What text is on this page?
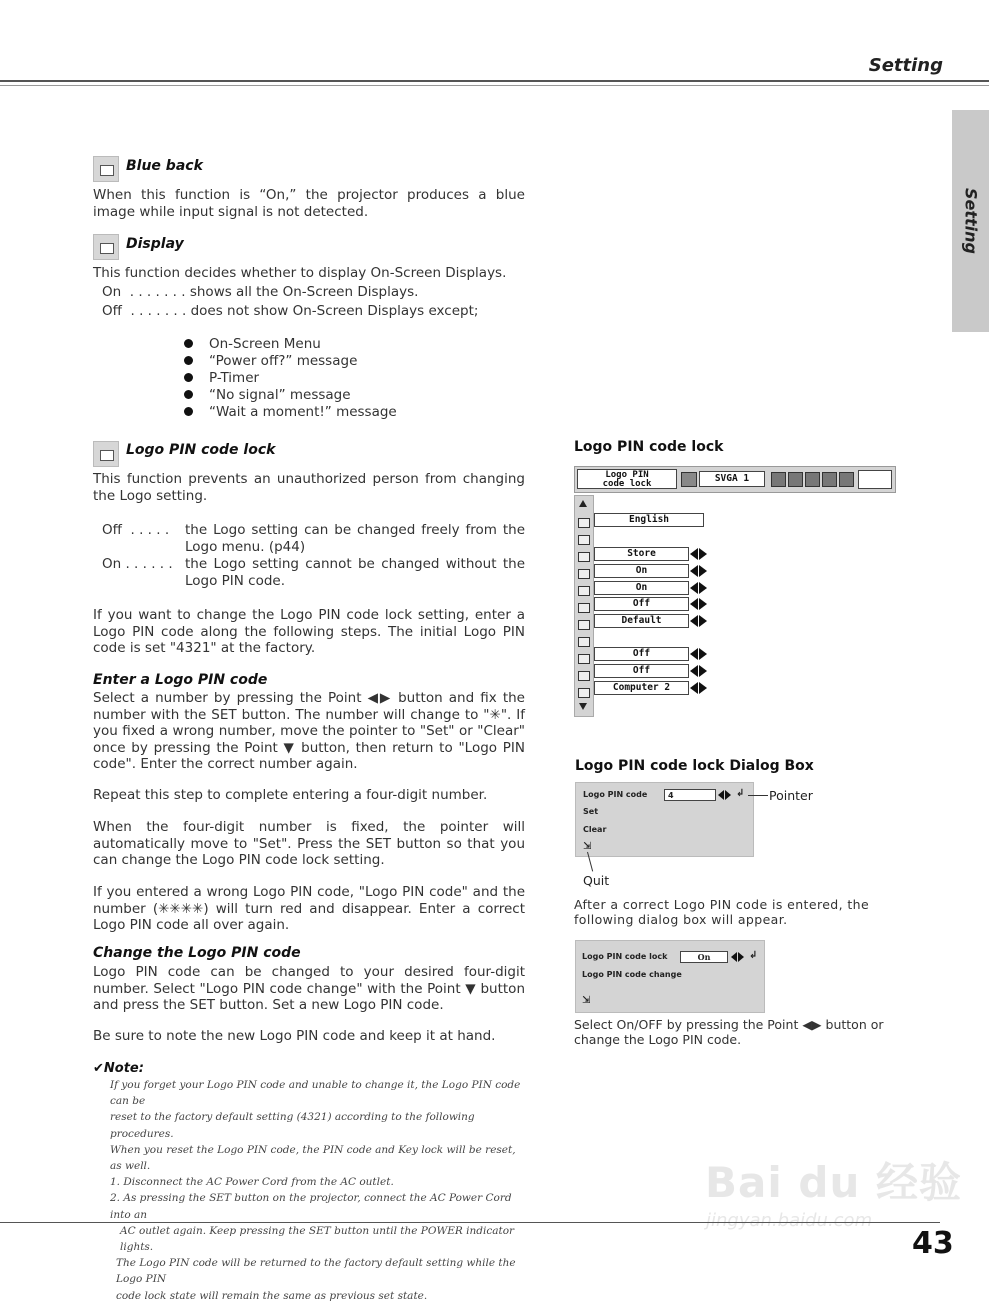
Setting
Setting
Blue back
When this function is “On,” the projector produces a blue image while input signal is not detected.
Display
This function decides whether to display On-Screen Displays.
On  . . . . . . . shows all the On-Screen Displays.
Off  . . . . . . . does not show On-Screen Displays except;
On-Screen Menu
“Power off?” message
P-Timer
“No signal” message
“Wait a moment!” message
Logo PIN code lock
This function prevents an unauthorized person from changing the Logo setting.
Off  . . . . . the Logo setting can be changed freely from the Logo menu. (p44)
On . . . . . . the Logo setting cannot be changed without the Logo PIN code.
If you want to change the Logo PIN code lock setting, enter a Logo PIN code along the following steps. The initial Logo PIN code is set "4321" at the factory.
Enter a Logo PIN code
Select a number by pressing the Point ◀▶ button and fix the number with the SET button. The number will change to "✳". If you fixed a wrong number, move the pointer to "Set" or "Clear" once by pressing the Point ▼ button, then return to "Logo PIN code". Enter the correct number again.
Repeat this step to complete entering a four-digit number.
When the four-digit number is fixed, the pointer will automatically move to "Set". Press the SET button so that you can change the Logo PIN code lock setting.
If you entered a wrong Logo PIN code, "Logo PIN code" and the number (✳✳✳✳) will turn red and disappear. Enter a correct Logo PIN code all over again.
Change the Logo PIN code
Logo PIN code can be changed to your desired four-digit number. Select "Logo PIN code change" with the Point ▼ button and press the SET button. Set a new Logo PIN code.
Be sure to note the new Logo PIN code and keep it at hand.
✔Note:
If you forget your Logo PIN code and unable to change it, the Logo PIN code can be
reset to the factory default setting (4321) according to the following procedures.
When you reset the Logo PIN code, the PIN code and Key lock will be reset, as well.
1. Disconnect the AC Power Cord from the AC outlet.
2. As pressing the SET button on the projector, connect the AC Power Cord into an
AC outlet again. Keep pressing the SET button until the POWER indicator lights.
The Logo PIN code will be returned to the factory default setting while the Logo PIN
code lock state will remain the same as previous set state.
Logo PIN code lock
Logo PIN
code lock	SVGA 1
English
Store
On
On
Off
Default
Off
Off
Computer 2
Logo PIN code lock Dialog Box
Logo PIN code	4	↲
Set
Clear
⇲
Pointer
Quit
After a correct Logo PIN code is entered, the following dialog box will appear.
Logo PIN code lock	On	↲
Logo PIN code change
⇲
Select On/OFF by pressing the Point ◀▶ button or change the Logo PIN code.
Bai du 经验
jingyan.baidu.com
43
